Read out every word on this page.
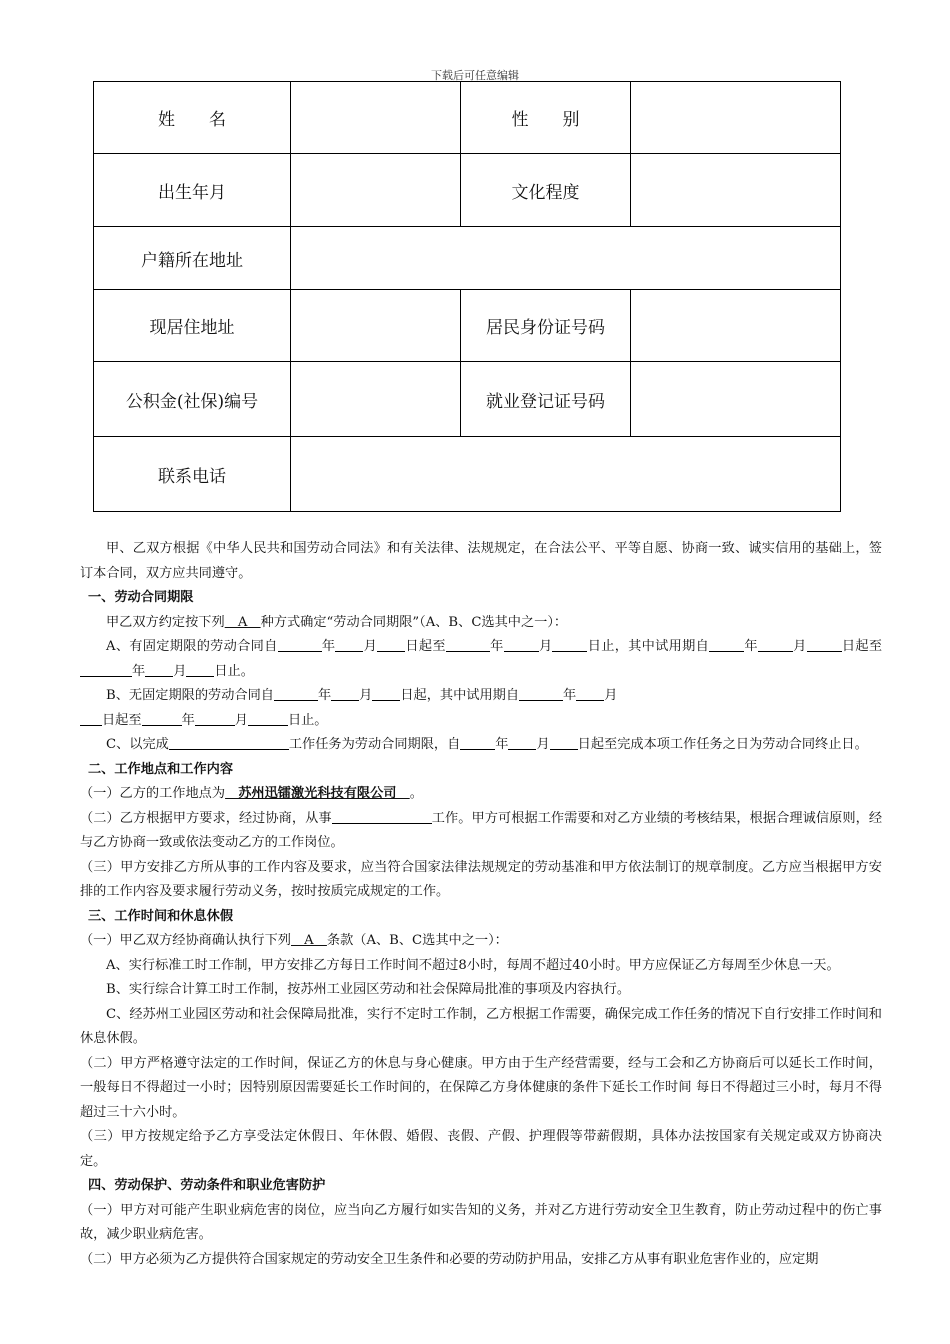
下载后可任意编辑
姓　　名		性　　别	
出生年月		文化程度	
户籍所在地址			
现居住地址		居民身份证号码	
公积金(社保)编号		就业登记证号码	
联系电话			

甲、乙双方根据《中华人民共和国劳动合同法》和有关法律、法规规定，在合法公平、平等自愿、协商一致、诚实信用的基础上，签订本合同，双方应共同遵守。

一、劳动合同期限

甲乙双方约定按下列　A　种方式确定“劳动合同期限”（A、B、C选其中之一）：

A、有固定期限的劳动合同自	年 月 日起至	年	月	日止，其中试用期自	年	月	日起至年 月 日止。

B、无固定期限的劳动合同自	年 月 日起，其中试用期自	年 月
日起至	年	月	日止。

C、以完成	工作任务为劳动合同期限，自	年 月 日起至完成本项工作任务之日为劳动合同终止日。

二、工作地点和工作内容

（一）乙方的工作地点为　苏州迅镭激光科技有限公司　。

（二）乙方根据甲方要求，经过协商，从事	工作。甲方可根据工作需要和对乙方业绩的考核结果，根据合理诚信原则，经与乙方协商一致或依法变动乙方的工作岗位。

（三）甲方安排乙方所从事的工作内容及要求，应当符合国家法律法规规定的劳动基准和甲方依法制订的规章制度。乙方应当根据甲方安排的工作内容及要求履行劳动义务，按时按质完成规定的工作。

三、工作时间和休息休假

（一）甲乙双方经协商确认执行下列　A　条款（A、B、C选其中之一）：

A、实行标准工时工作制，甲方安排乙方每日工作时间不超过8小时，每周不超过40小时。甲方应保证乙方每周至少休息一天。

B、实行综合计算工时工作制，按苏州工业园区劳动和社会保障局批准的事项及内容执行。

C、经苏州工业园区劳动和社会保障局批准，实行不定时工作制，乙方根据工作需要，确保完成工作任务的情况下自行安排工作时间和休息休假。

（二）甲方严格遵守法定的工作时间，保证乙方的休息与身心健康。甲方由于生产经营需要，经与工会和乙方协商后可以延长工作时间，一般每日不得超过一小时；因特别原因需要延长工作时间的，在保障乙方身体健康的条件下延长工作时间 每日不得超过三小时，每月不得超过三十六小时。

（三）甲方按规定给予乙方享受法定休假日、年休假、婚假、丧假、产假、护理假等带薪假期，具体办法按国家有关规定或双方协商决定。

四、劳动保护、劳动条件和职业危害防护

（一）甲方对可能产生职业病危害的岗位，应当向乙方履行如实告知的义务，并对乙方进行劳动安全卫生教育，防止劳动过程中的伤亡事故，减少职业病危害。

（二）甲方必须为乙方提供符合国家规定的劳动安全卫生条件和必要的劳动防护用品，安排乙方从事有职业危害作业的，应定期
